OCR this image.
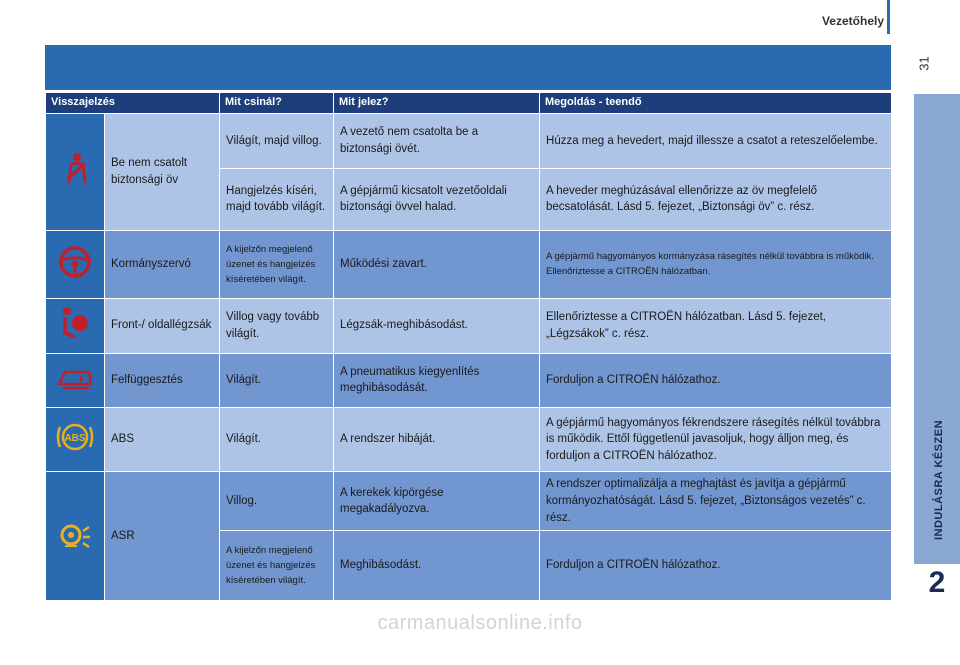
Vezetőhely
31
INDULÁSRA KÉSZEN
2
Visszajelzés		Mit csinál?	Mit jelez?	Megoldás - teendő
	Be nem csatolt biztonsági öv	Világít, majd villog.	A vezető nem csatolta be a biztonsági övét.	Húzza meg a hevedert, majd illessze a csatot a reteszelőelembe.
		Hangjelzés kíséri, majd tovább világít.	A gépjármű kicsatolt vezetőoldali biztonsági övvel halad.	A heveder meghúzásával ellenőrizze az öv megfelelő becsatolását. Lásd 5. fejezet, „Biztonsági öv” c. rész.
	Kormányszervó	A kijelzőn megjelenő üzenet és hangjelzés kíséretében világít.	Működési zavart.	A gépjármű hagyományos kormányzása rásegítés nélkül továbbra is működik. Ellenőriztesse a CITROËN hálózatban.
	Front-/ oldallégzsák	Villog vagy tovább világít.	Légzsák-meghibásodást.	Ellenőriztesse a CITROËN hálózatban. Lásd 5. fejezet, „Légzsákok” c. rész.
	Felfüggesztés	Világít.	A pneumatikus kiegyenlítés meghibásodását.	Forduljon a CITROËN hálózathoz.

ABS	ABS	Világít.	A rendszer hibáját.	A gépjármű hagyományos fékrendszere rásegítés nélkül továbbra is működik. Ettől függetlenül javasoljuk, hogy álljon meg, és forduljon a CITROËN hálózathoz.
	ASR	Villog.	A kerekek kipörgése megakadályozva.	A rendszer optimalizálja a meghajtást és javítja a gépjármű kormányozhatóságát. Lásd 5. fejezet, „Biztonságos vezetés” c. rész.
		A kijelzőn megjelenő üzenet és hangjelzés kíséretében világít.	Meghibásodást.	Forduljon a CITROËN hálózathoz.
carmanualsonline.info
